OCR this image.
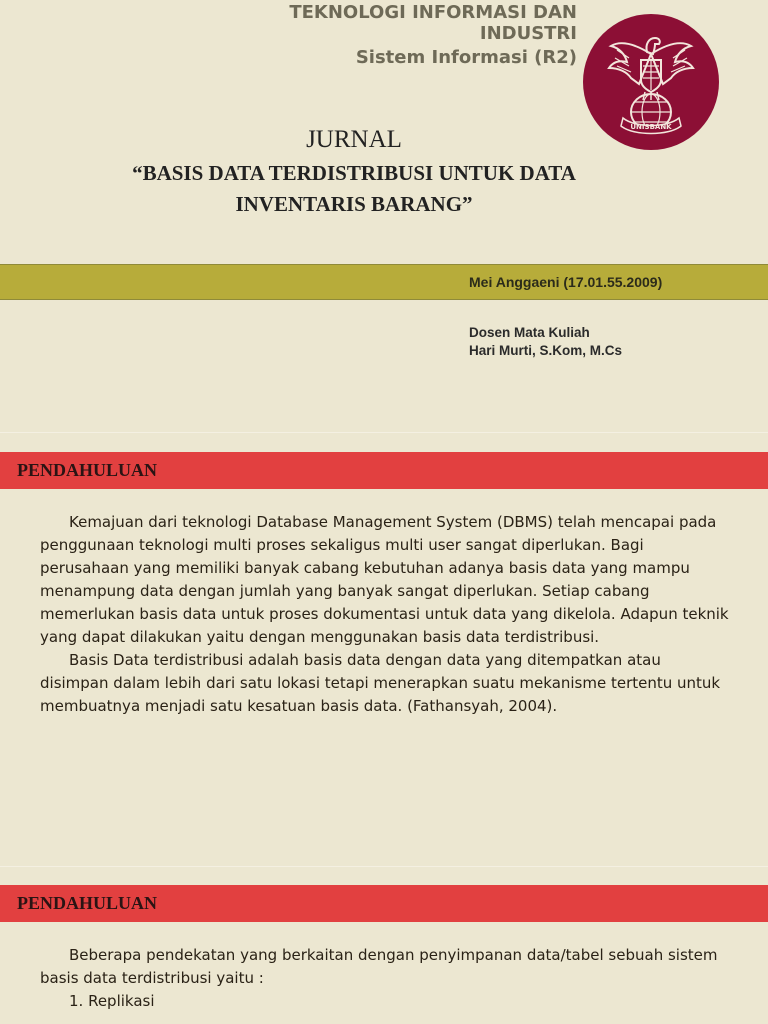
TEKNOLOGI INFORMASI DAN
INDUSTRI
Sistem Informasi (R2)
UNISBANK
JURNAL
“BASIS DATA TERDISTRIBUSI UNTUK DATA
INVENTARIS BARANG”
Mei Anggaeni (17.01.55.2009)
Dosen Mata Kuliah
Hari Murti, S.Kom, M.Cs
PENDAHULUAN

Kemajuan dari teknologi Database Management System (DBMS) telah mencapai pada penggunaan teknologi multi proses sekaligus multi user sangat diperlukan. Bagi perusahaan yang memiliki banyak cabang kebutuhan adanya basis data yang mampu menampung data dengan jumlah yang banyak sangat diperlukan. Setiap cabang memerlukan basis data untuk proses dokumentasi untuk data yang dikelola. Adapun teknik yang dapat dilakukan yaitu dengan menggunakan basis data terdistribusi.

Basis Data terdistribusi adalah basis data dengan data yang ditempatkan atau disimpan dalam lebih dari satu lokasi tetapi menerapkan suatu mekanisme tertentu untuk membuatnya menjadi satu kesatuan basis data. (Fathansyah, 2004).

PENDAHULUAN

Beberapa pendekatan yang berkaitan dengan penyimpanan data/tabel sebuah sistem basis data terdistribusi yaitu :

1. Replikasi
